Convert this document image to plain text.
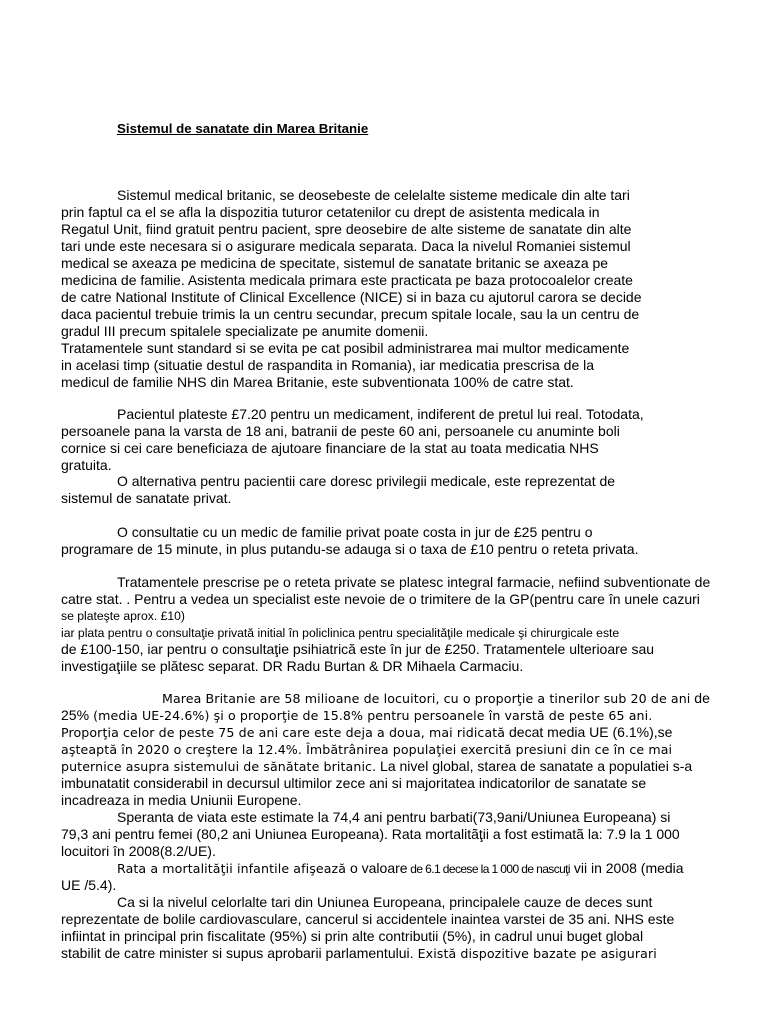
Sistemul de sanatate din Marea Britanie
Sistemul medical britanic, se deosebeste de celelalte sisteme medicale din alte tari
prin faptul ca el se afla la dispozitia tuturor cetatenilor cu drept de asistenta medicala in
Regatul Unit, fiind gratuit pentru pacient, spre deosebire de alte sisteme de sanatate din alte
tari unde este necesara si o asigurare medicala separata. Daca la nivelul Romaniei sistemul
medical se axeaza pe medicina de specitate, sistemul de sanatate britanic se axeaza pe
medicina de familie. Asistenta medicala primara este practicata pe baza protocoalelor create
de catre National Institute of Clinical Excellence (NICE) si in baza cu ajutorul carora se decide
daca pacientul trebuie trimis la un centru secundar, precum spitale locale, sau la un centru de
gradul III precum spitalele specializate pe anumite domenii.
Tratamentele sunt standard si se evita pe cat posibil administrarea mai multor medicamente
in acelasi timp (situatie destul de raspandita in Romania), iar medicatia prescrisa de la
medicul de familie NHS din Marea Britanie, este subventionata 100% de catre stat.
Pacientul plateste £7.20 pentru un medicament, indiferent de pretul lui real. Totodata,
persoanele pana la varsta de 18 ani, batranii de peste 60 ani, persoanele cu anuminte boli
cornice si cei care beneficiaza de ajutoare financiare de la stat au toata medicatia NHS
gratuita.
O alternativa pentru pacientii care doresc privilegii medicale, este reprezentat de
sistemul de sanatate privat.
O consultatie cu un medic de familie privat poate costa in jur de £25 pentru o
programare de 15 minute, in plus putandu-se adauga si o taxa de £10 pentru o reteta privata.
Tratamentele prescrise pe o reteta private se platesc integral farmacie, nefiind subventionate de
catre stat. . Pentru a vedea un specialist este nevoie de o trimitere de la GP(pentru care în unele cazuri
se plateşte aprox. £10)
iar plata pentru o consultaţie privată initial în policlinica pentru specialitǎţile medicale şi chirurgicale este
de £100-150, iar pentru o consultaţie psihiatrică este în jur de £250. Tratamentele ulterioare sau
investigaţiile se plătesc separat. DR Radu Burtan & DR Mihaela Carmaciu.
Marea Britanie are 58 milioane de locuitori, cu o proporţie a tinerilor sub 20 de ani de
25% (media UE-24.6%) şi o proporţie de 15.8% pentru persoanele în varstă de peste 65 ani.
Proporţia celor de peste 75 de ani care este deja a doua, mai ridicată decat media UE (6.1%),se
aşteaptă în 2020 o creştere la 12.4%. Îmbătrânirea populaţiei exercită presiuni din ce în ce mai
puternice asupra sistemului de sănătate britanic. La nivel global, starea de sanatate a populatiei s-a
imbunatatit considerabil in decursul ultimilor zece ani si majoritatea indicatorilor de sanatate se
incadreaza in media Uniunii Europene.
Speranta de viata este estimate la 74,4 ani pentru barbati(73,9ani/Uniunea Europeana) si
79,3 ani pentru femei (80,2 ani Uniunea Europeana). Rata mortalitãţii a fost estimatã la: 7.9 la 1 000
locuitori în 2008(8.2/UE).
Rata a mortalităţii infantile afişează o valoare de 6.1 decese la 1 000 de nascuţi vii in 2008 (media
UE /5.4).
Ca si la nivelul celorlalte tari din Uniunea Europeana, principalele cauze de deces sunt
reprezentate de bolile cardiovasculare, cancerul si accidentele inaintea varstei de 35 ani. NHS este
infiintat in principal prin fiscalitate (95%) si prin alte contributii (5%), in cadrul unui buget global
stabilit de catre minister si supus aprobarii parlamentului. Există dispozitive bazate pe asigurari
